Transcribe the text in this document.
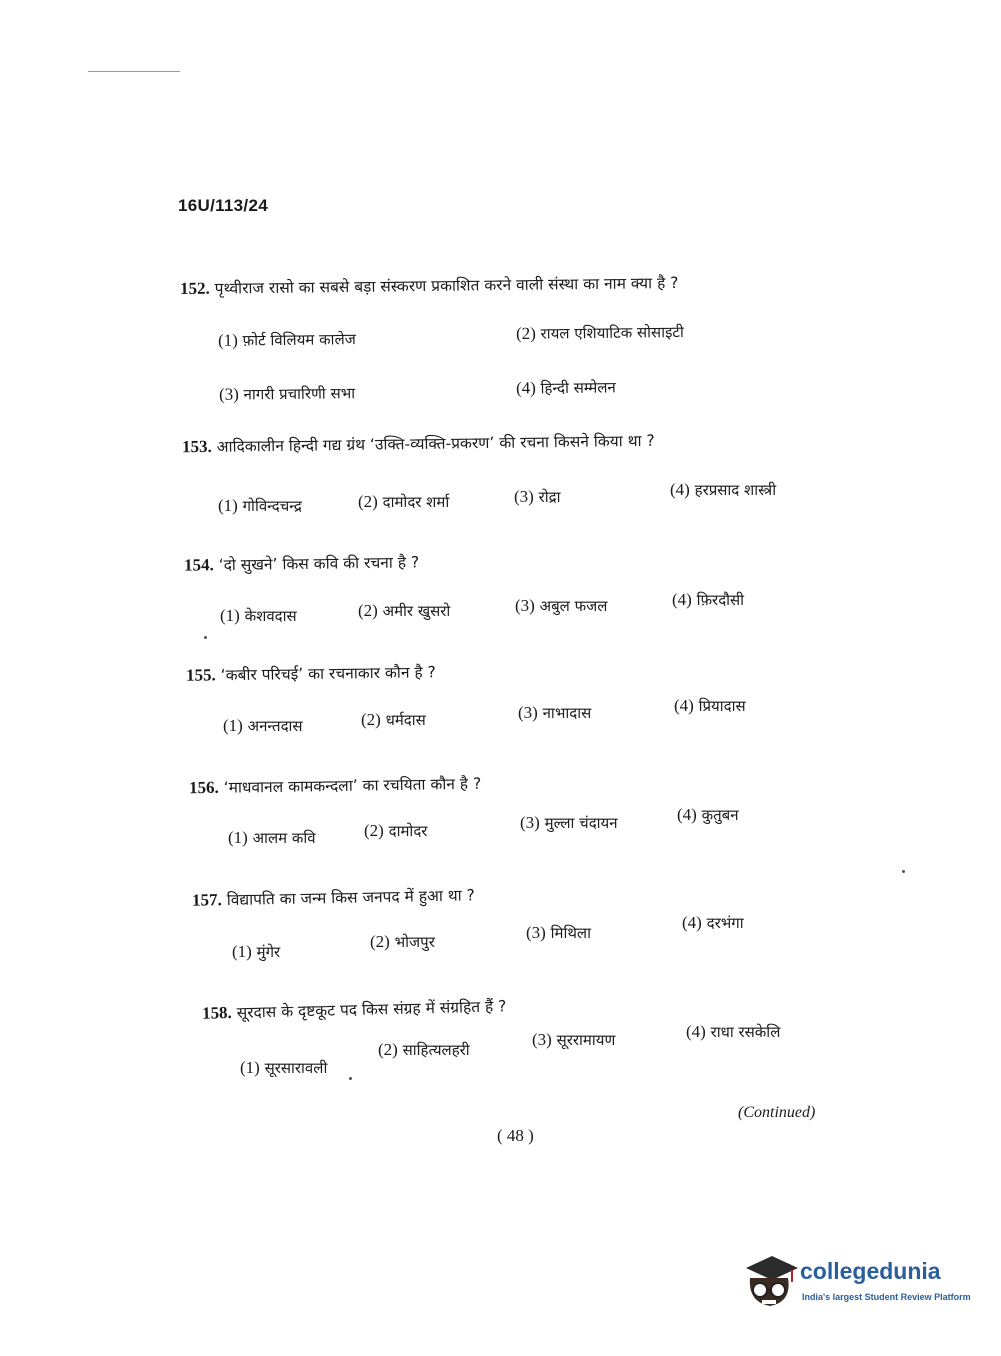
16U/113/24
152. पृथ्वीराज रासो का सबसे बड़ा संस्करण प्रकाशित करने वाली संस्था का नाम क्या है ?
(1) फ़ोर्ट विलियम कालेज	(2) रायल एशियाटिक सोसाइटी
(3) नागरी प्रचारिणी सभा	(4) हिन्दी सम्मेलन
153. आदिकालीन हिन्दी गद्य ग्रंथ ‘उक्ति-व्यक्ति-प्रकरण’ की रचना किसने किया था ?
(1) गोविन्दचन्द्र	(2) दामोदर शर्मा	(3) रोद्रा	(4) हरप्रसाद शास्त्री
154. ‘दो सुखने’ किस कवि की रचना है ?
(1) केशवदास	(2) अमीर खुसरो	(3) अबुल फजल	(4) फ़िरदौसी
155. ‘कबीर परिचई’ का रचनाकार कौन है ?
(1) अनन्तदास	(2) धर्मदास	(3) नाभादास	(4) प्रियादास
156. ‘माधवानल कामकन्दला’ का रचयिता कौन है ?
(1) आलम कवि	(2) दामोदर	(3) मुल्ला चंदायन	(4) कुतुबन
157. विद्यापति का जन्म किस जनपद में हुआ था ?
(1) मुंगेर
(2) भोजपुर	(3) मिथिला
(4) दरभंगा
158. सूरदास के दृष्टकूट पद किस संग्रह में संग्रहित हैं ?
(1) सूरसारावली
(2) साहित्यलहरी
(3) सूररामायण	(4) राधा रसकेलि
(Continued)
( 48 )
collegedunia
India's largest Student Review Platform
